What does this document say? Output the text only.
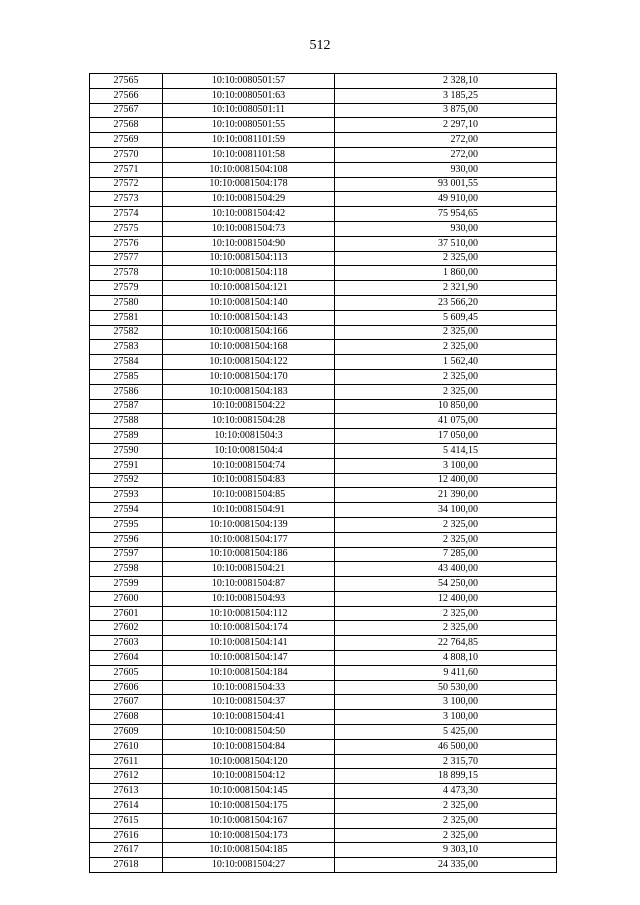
512
27565	10:10:0080501:57	2 328,10
27566	10:10:0080501:63	3 185,25
27567	10:10:0080501:11	3 875,00
27568	10:10:0080501:55	2 297,10
27569	10:10:0081101:59	272,00
27570	10:10:0081101:58	272,00
27571	10:10:0081504:108	930,00
27572	10:10:0081504:178	93 001,55
27573	10:10:0081504:29	49 910,00
27574	10:10:0081504:42	75 954,65
27575	10:10:0081504:73	930,00
27576	10:10:0081504:90	37 510,00
27577	10:10:0081504:113	2 325,00
27578	10:10:0081504:118	1 860,00
27579	10:10:0081504:121	2 321,90
27580	10:10:0081504:140	23 566,20
27581	10:10:0081504:143	5 609,45
27582	10:10:0081504:166	2 325,00
27583	10:10:0081504:168	2 325,00
27584	10:10:0081504:122	1 562,40
27585	10:10:0081504:170	2 325,00
27586	10:10:0081504:183	2 325,00
27587	10:10:0081504:22	10 850,00
27588	10:10:0081504:28	41 075,00
27589	10:10:0081504:3	17 050,00
27590	10:10:0081504:4	5 414,15
27591	10:10:0081504:74	3 100,00
27592	10:10:0081504:83	12 400,00
27593	10:10:0081504:85	21 390,00
27594	10:10:0081504:91	34 100,00
27595	10:10:0081504:139	2 325,00
27596	10:10:0081504:177	2 325,00
27597	10:10:0081504:186	7 285,00
27598	10:10:0081504:21	43 400,00
27599	10:10:0081504:87	54 250,00
27600	10:10:0081504:93	12 400,00
27601	10:10:0081504:112	2 325,00
27602	10:10:0081504:174	2 325,00
27603	10:10:0081504:141	22 764,85
27604	10:10:0081504:147	4 808,10
27605	10:10:0081504:184	9 411,60
27606	10:10:0081504:33	50 530,00
27607	10:10:0081504:37	3 100,00
27608	10:10:0081504:41	3 100,00
27609	10:10:0081504:50	5 425,00
27610	10:10:0081504:84	46 500,00
27611	10:10:0081504:120	2 315,70
27612	10:10:0081504:12	18 899,15
27613	10:10:0081504:145	4 473,30
27614	10:10:0081504:175	2 325,00
27615	10:10:0081504:167	2 325,00
27616	10:10:0081504:173	2 325,00
27617	10:10:0081504:185	9 303,10
27618	10:10:0081504:27	24 335,00
